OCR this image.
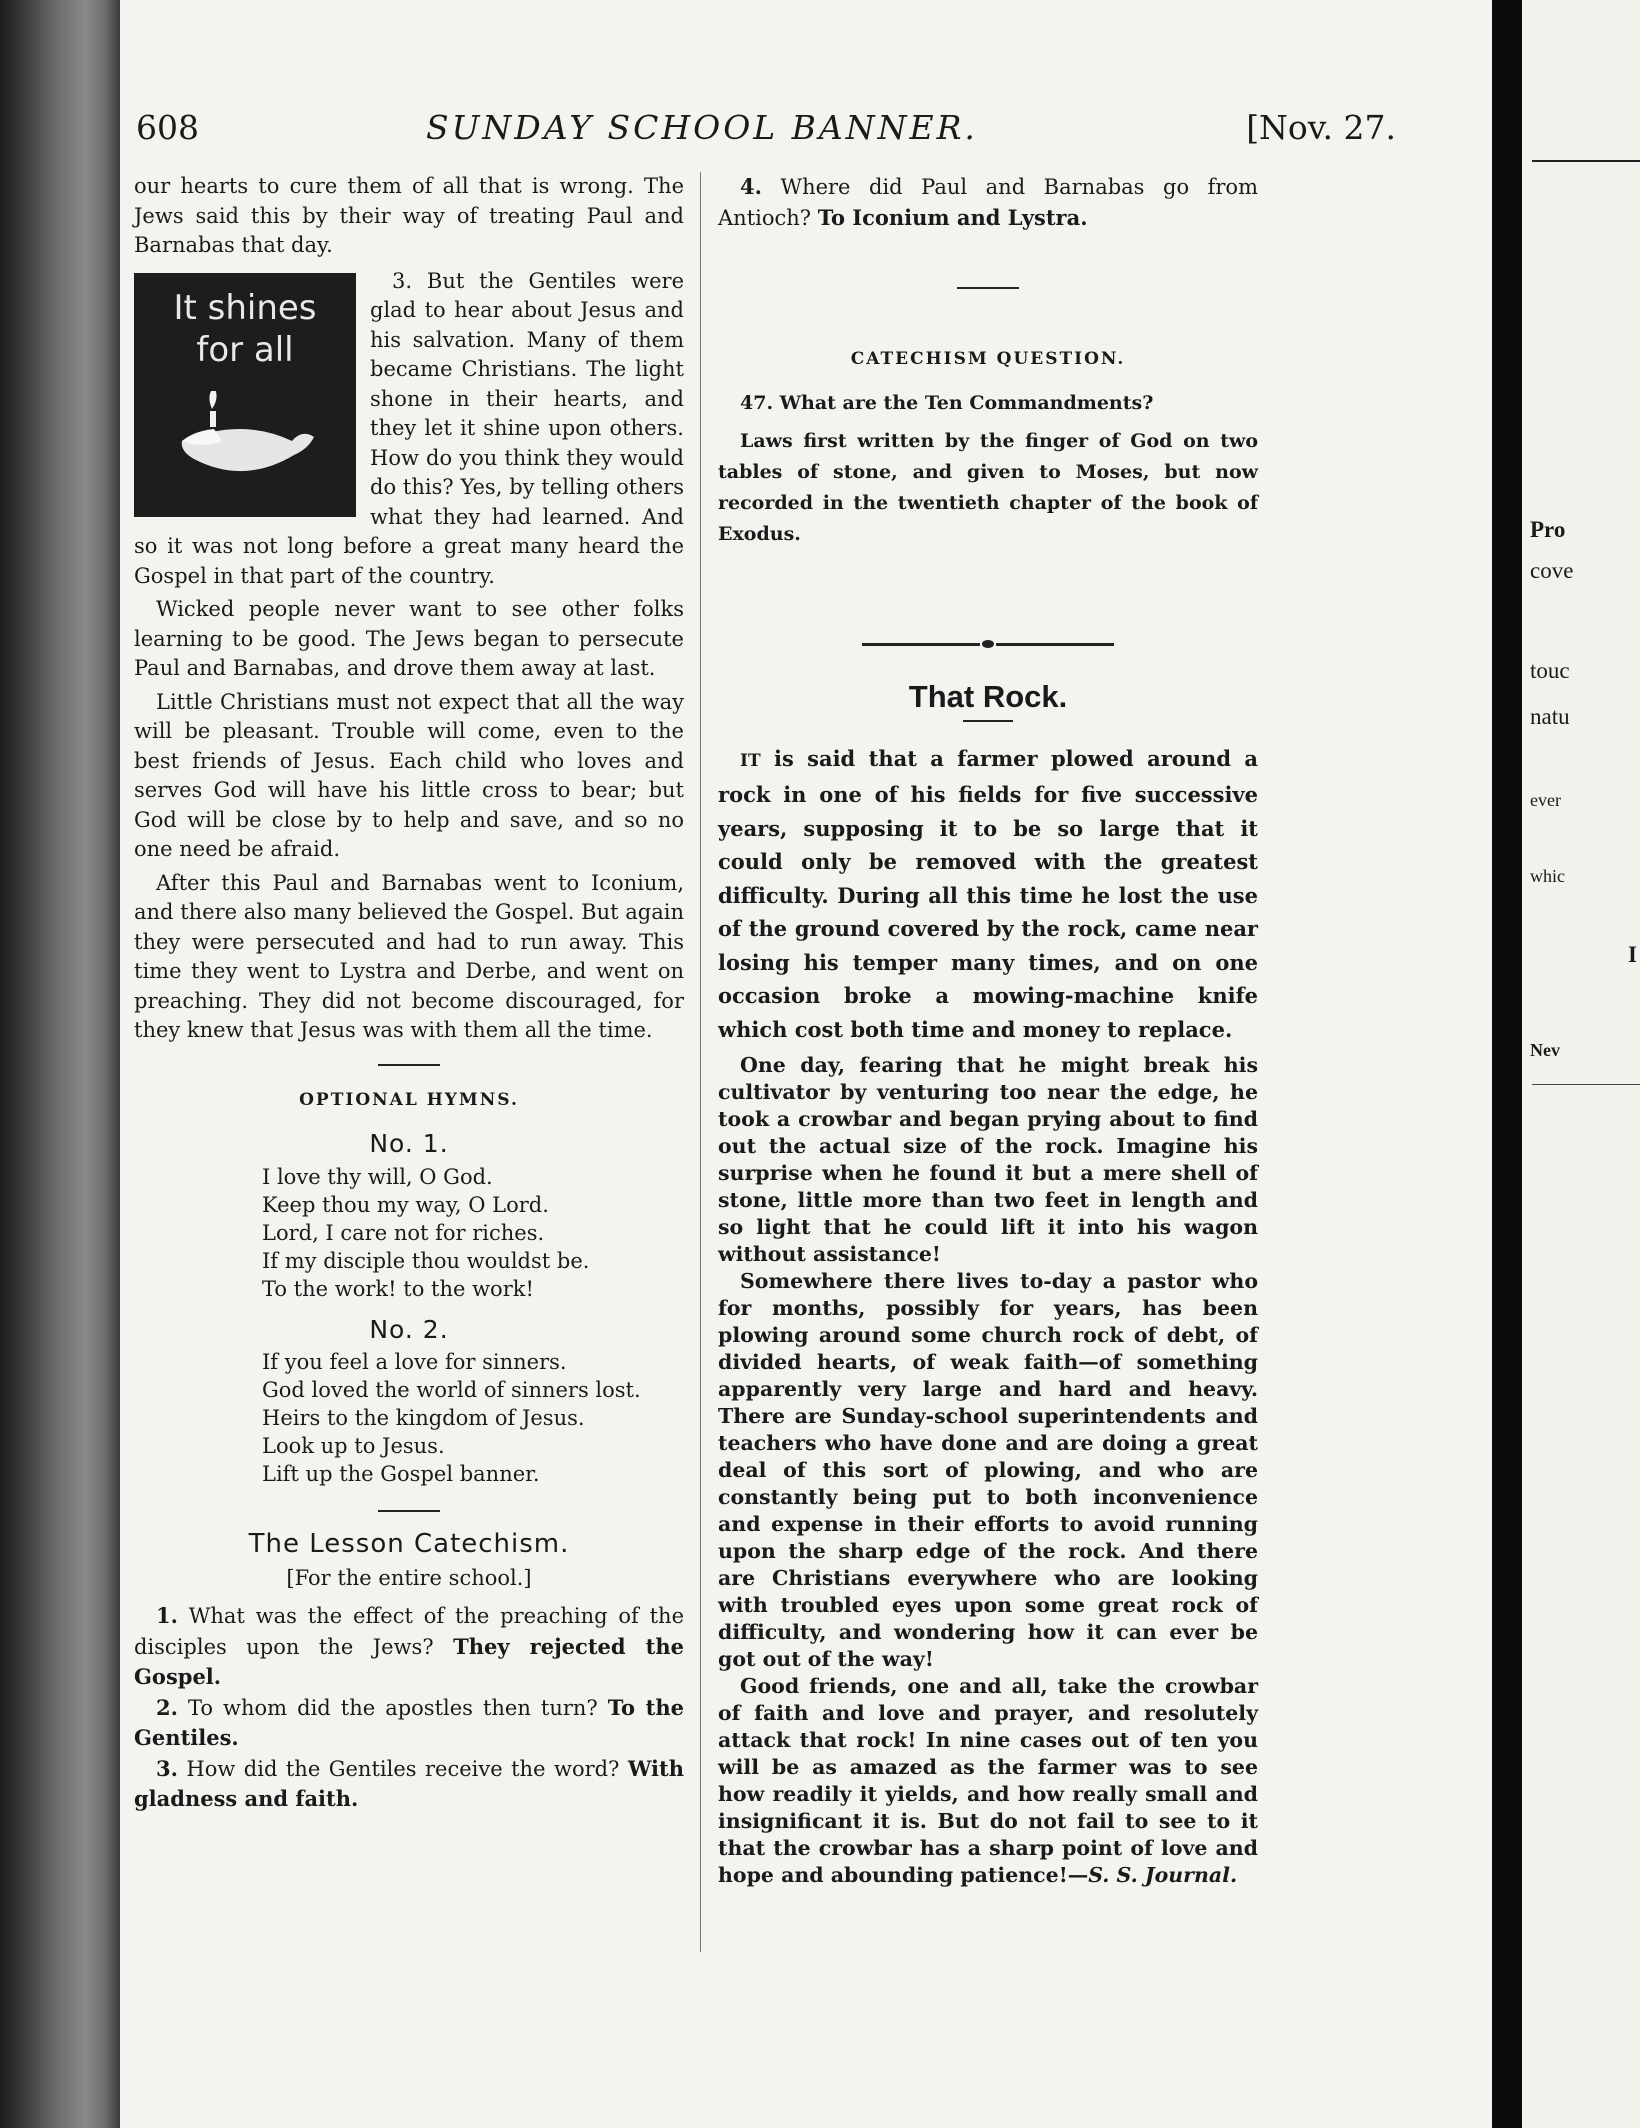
608	SUNDAY SCHOOL BANNER.	[Nov. 27.

our hearts to cure them of all that is wrong. The Jews said this by their way of treating Paul and Barnabas that day.

It shines
for all

3. But the Gentiles were glad to hear about Jesus and his salvation. Many of them became Christians. The light shone in their hearts, and they let it shine upon others. How do you think they would do this? Yes, by telling others what they had learned. And so it was not long before a great many heard the Gospel in that part of the country.

Wicked people never want to see other folks learning to be good. The Jews began to persecute Paul and Barnabas, and drove them away at last.

Little Christians must not expect that all the way will be pleasant. Trouble will come, even to the best friends of Jesus. Each child who loves and serves God will have his little cross to bear; but God will be close by to help and save, and so no one need be afraid.

After this Paul and Barnabas went to Iconium, and there also many believed the Gospel. But again they were persecuted and had to run away. This time they went to Lystra and Derbe, and went on preaching. They did not become discouraged, for they knew that Jesus was with them all the time.

OPTIONAL HYMNS.
No. 1.

I love thy will, O God.

Keep thou my way, O Lord.

Lord, I care not for riches.

If my disciple thou wouldst be.

To the work! to the work!

No. 2.

If you feel a love for sinners.

God loved the world of sinners lost.

Heirs to the kingdom of Jesus.

Look up to Jesus.

Lift up the Gospel banner.

The Lesson Catechism.
[For the entire school.]

1. What was the effect of the preaching of the disciples upon the Jews? They rejected the Gospel.

2. To whom did the apostles then turn? To the Gentiles.

3. How did the Gentiles receive the word? With gladness and faith.

4. Where did Paul and Barnabas go from Antioch? To Iconium and Lystra.

CATECHISM QUESTION.

47. What are the Ten Commandments?

Laws first written by the finger of God on two tables of stone, and given to Moses, but now recorded in the twentieth chapter of the book of Exodus.

That Rock.

IT is said that a farmer plowed around a rock in one of his fields for five successive years, supposing it to be so large that it could only be removed with the greatest difficulty. During all this time he lost the use of the ground covered by the rock, came near losing his temper many times, and on one occasion broke a mowing-machine knife which cost both time and money to replace.

One day, fearing that he might break his cultivator by venturing too near the edge, he took a crowbar and began prying about to find out the actual size of the rock. Imagine his surprise when he found it but a mere shell of stone, little more than two feet in length and so light that he could lift it into his wagon without assistance!

Somewhere there lives to-day a pastor who for months, possibly for years, has been plowing around some church rock of debt, of divided hearts, of weak faith—of something apparently very large and hard and heavy. There are Sunday-school superintendents and teachers who have done and are doing a great deal of this sort of plowing, and who are constantly being put to both inconvenience and expense in their efforts to avoid running upon the sharp edge of the rock. And there are Christians everywhere who are looking with troubled eyes upon some great rock of difficulty, and wondering how it can ever be got out of the way!

Good friends, one and all, take the crowbar of faith and love and prayer, and resolutely attack that rock! In nine cases out of ten you will be as amazed as the farmer was to see how readily it yields, and how really small and insignificant it is. But do not fail to see to it that the crowbar has a sharp point of love and hope and abounding patience!—S. S. Journal.

Pro
cove
touc
natu
ever
whic
I
Nev
